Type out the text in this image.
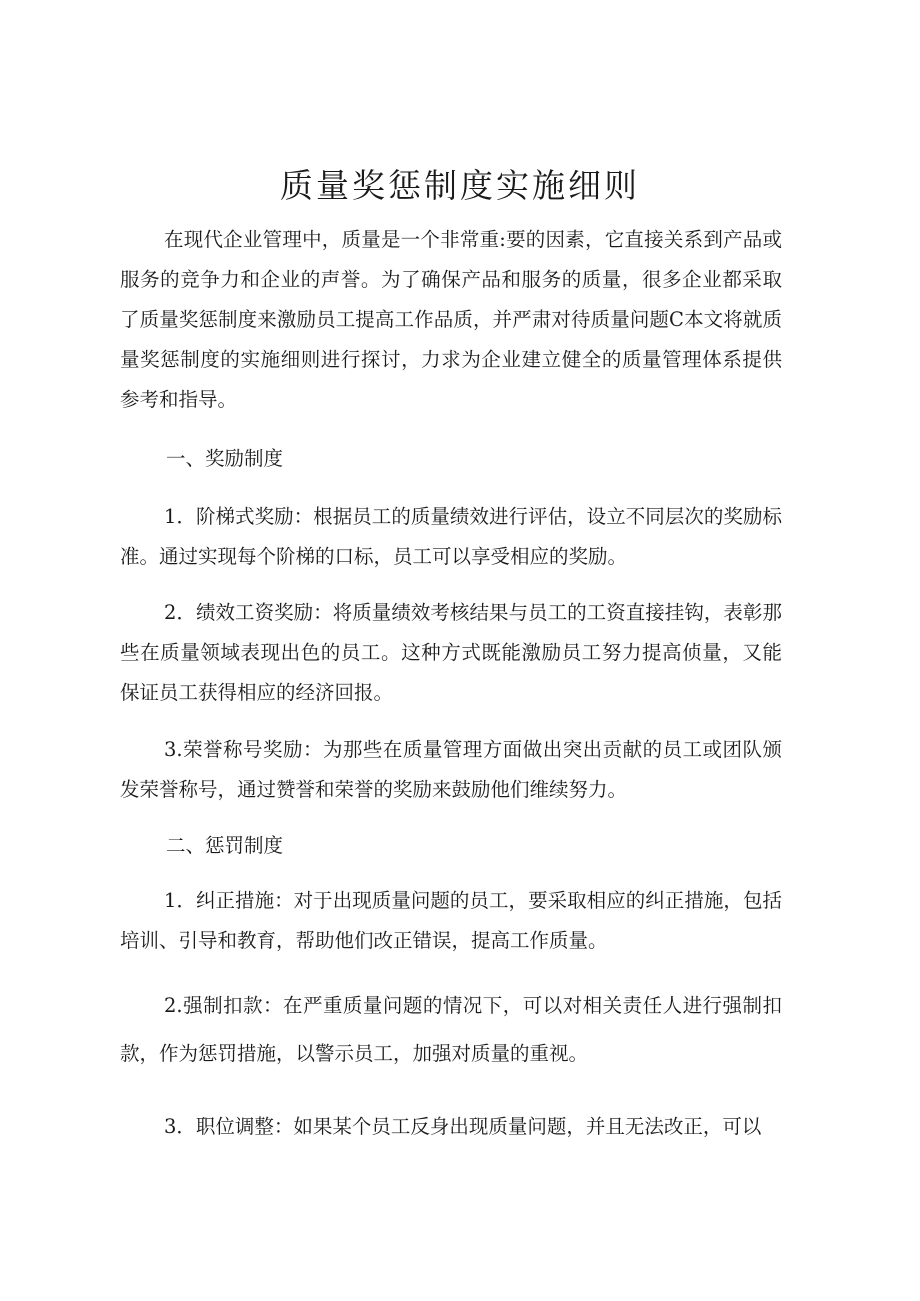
质量奖惩制度实施细则

在现代企业管理中，质量是一个非常重:要的因素，它直接关系到产品或服务的竞争力和企业的声誉。为了确保产品和服务的质量，很多企业都采取了质量奖惩制度来激励员工提高工作品质，并严肃对待质量问题C本文将就质量奖惩制度的实施细则进行探讨，力求为企业建立健全的质量管理体系提供参考和指导。

一、奖励制度

1．阶梯式奖励：根据员工的质量绩效进行评估，设立不同层次的奖励标准。通过实现每个阶梯的口标，员工可以享受相应的奖励。

2．绩效工资奖励：将质量绩效考核结果与员工的工资直接挂钩，表彰那些在质量领域表现出色的员工。这种方式既能激励员工努力提高侦量，又能保证员工获得相应的经济回报。

3.荣誉称号奖励：为那些在质量管理方面做出突出贡献的员工或团队颁发荣誉称号，通过赞誉和荣誉的奖励来鼓励他们维续努力。

二、惩罚制度

1．纠正措施：对于出现质量问题的员工，要采取相应的纠正措施，包括培训、引导和教育，帮助他们改正错误，提高工作质量。

2.强制扣款：在严重质量问题的情况下，可以对相关责任人进行强制扣款，作为惩罚措施，以警示员工，加强对质量的重视。

3．职位调整：如果某个员工反身出现质量问题，并且无法改正，可以
